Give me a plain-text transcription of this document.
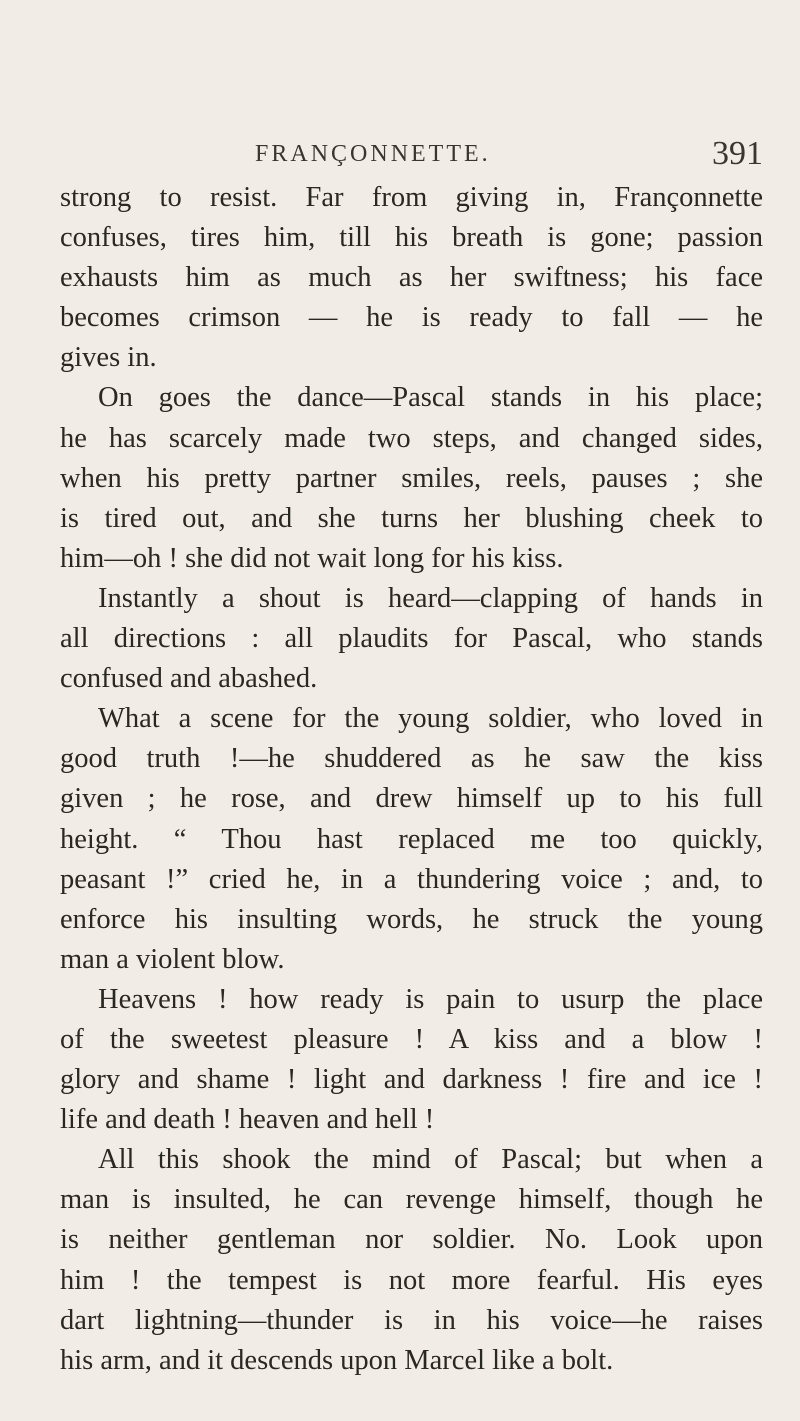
FRANÇONNETTE.	391
strong to resist. Far from giving in, Françonnette
confuses, tires him, till his breath is gone; passion
exhausts him as much as her swiftness; his face
becomes crimson — he is ready to fall — he
gives in.
On goes the dance—Pascal stands in his place;
he has scarcely made two steps, and changed sides,
when his pretty partner smiles, reels, pauses ; she
is tired out, and she turns her blushing cheek to
him—oh ! she did not wait long for his kiss.
Instantly a shout is heard—clapping of hands in
all directions : all plaudits for Pascal, who stands
confused and abashed.
What a scene for the young soldier, who loved in
good truth !—he shuddered as he saw the kiss
given ; he rose, and drew himself up to his full
height. “ Thou hast replaced me too quickly,
peasant !” cried he, in a thundering voice ; and, to
enforce his insulting words, he struck the young
man a violent blow.
Heavens ! how ready is pain to usurp the place
of the sweetest pleasure ! A kiss and a blow !
glory and shame ! light and darkness ! fire and ice !
life and death ! heaven and hell !
All this shook the mind of Pascal; but when a
man is insulted, he can revenge himself, though he
is neither gentleman nor soldier. No. Look upon
him ! the tempest is not more fearful. His eyes
dart lightning—thunder is in his voice—he raises
his arm, and it descends upon Marcel like a bolt.
